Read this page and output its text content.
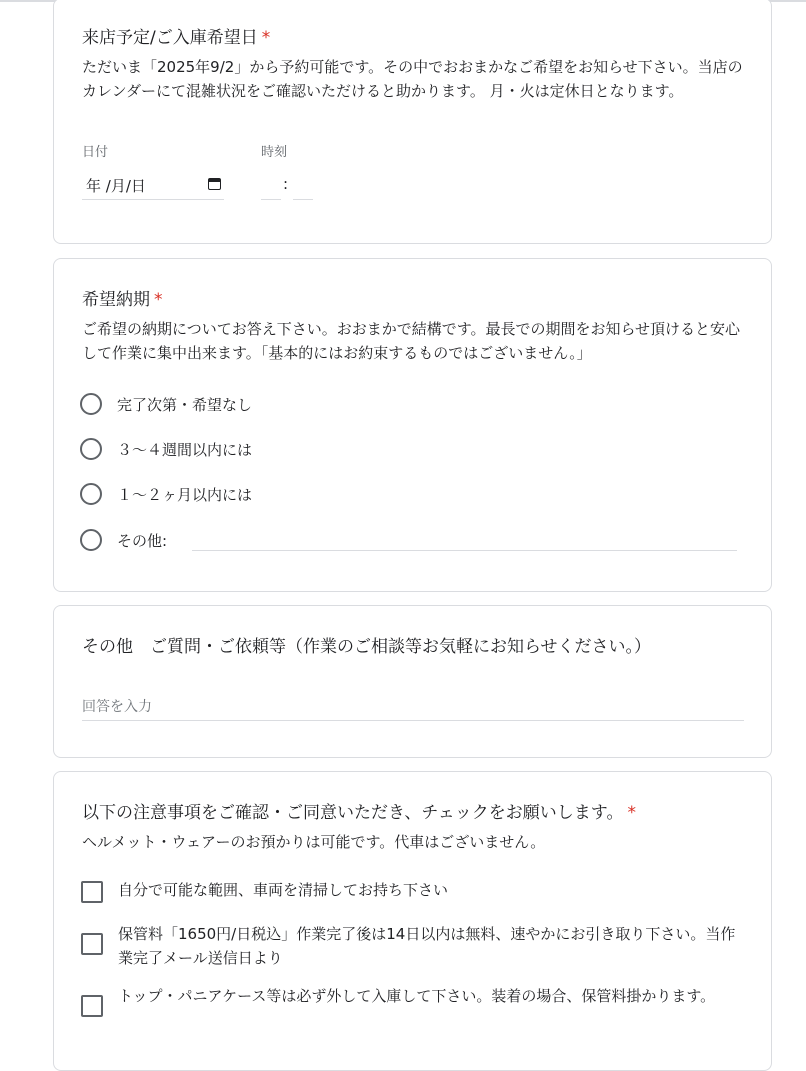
来店予定/ご入庫希望日 *
ただいま「2025年9/2」から予約可能です。その中でおおまかなご希望をお知らせ下さい。当店のカレンダーにて混雑状況をご確認いただけると助かります。 月・火は定休日となります。
日付	時刻
年 /月/日	:
希望納期 *
ご希望の納期についてお答え下さい。おおまかで結構です。最長での期間をお知らせ頂けると安心して作業に集中出来ます。「基本的にはお約束するものではございません。」
完了次第・希望なし
３〜４週間以内には
１〜２ヶ月以内には
その他:
その他　ご質問・ご依頼等（作業のご相談等お気軽にお知らせください。）
回答を入力
以下の注意事項をご確認・ご同意いただき、チェックをお願いします。 *
ヘルメット・ウェアーのお預かりは可能です。代車はございません。
自分で可能な範囲、車両を清掃してお持ち下さい
保管料「1650円/日税込」作業完了後は14日以内は無料、速やかにお引き取り下さい。当作業完了メール送信日より
トップ・パニアケース等は必ず外して入庫して下さい。装着の場合、保管料掛かります。
